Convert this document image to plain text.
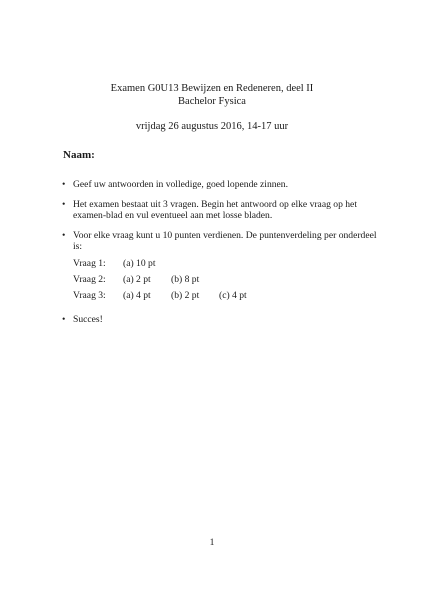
Examen G0U13 Bewijzen en Redeneren, deel II
Bachelor Fysica
vrijdag 26 augustus 2016, 14-17 uur
Naam:
• Geef uw antwoorden in volledige, goed lopende zinnen.
• Het examen bestaat uit 3 vragen. Begin het antwoord op elke vraag op het examen-blad en vul eventueel aan met losse bladen.
• Voor elke vraag kunt u 10 punten verdienen. De puntenverdeling per onderdeel is:
Vraag 1:	(a) 10 pt		
Vraag 2:	(a) 2 pt	(b) 8 pt	
Vraag 3:	(a) 4 pt	(b) 2 pt	(c) 4 pt
• Succes!
1
